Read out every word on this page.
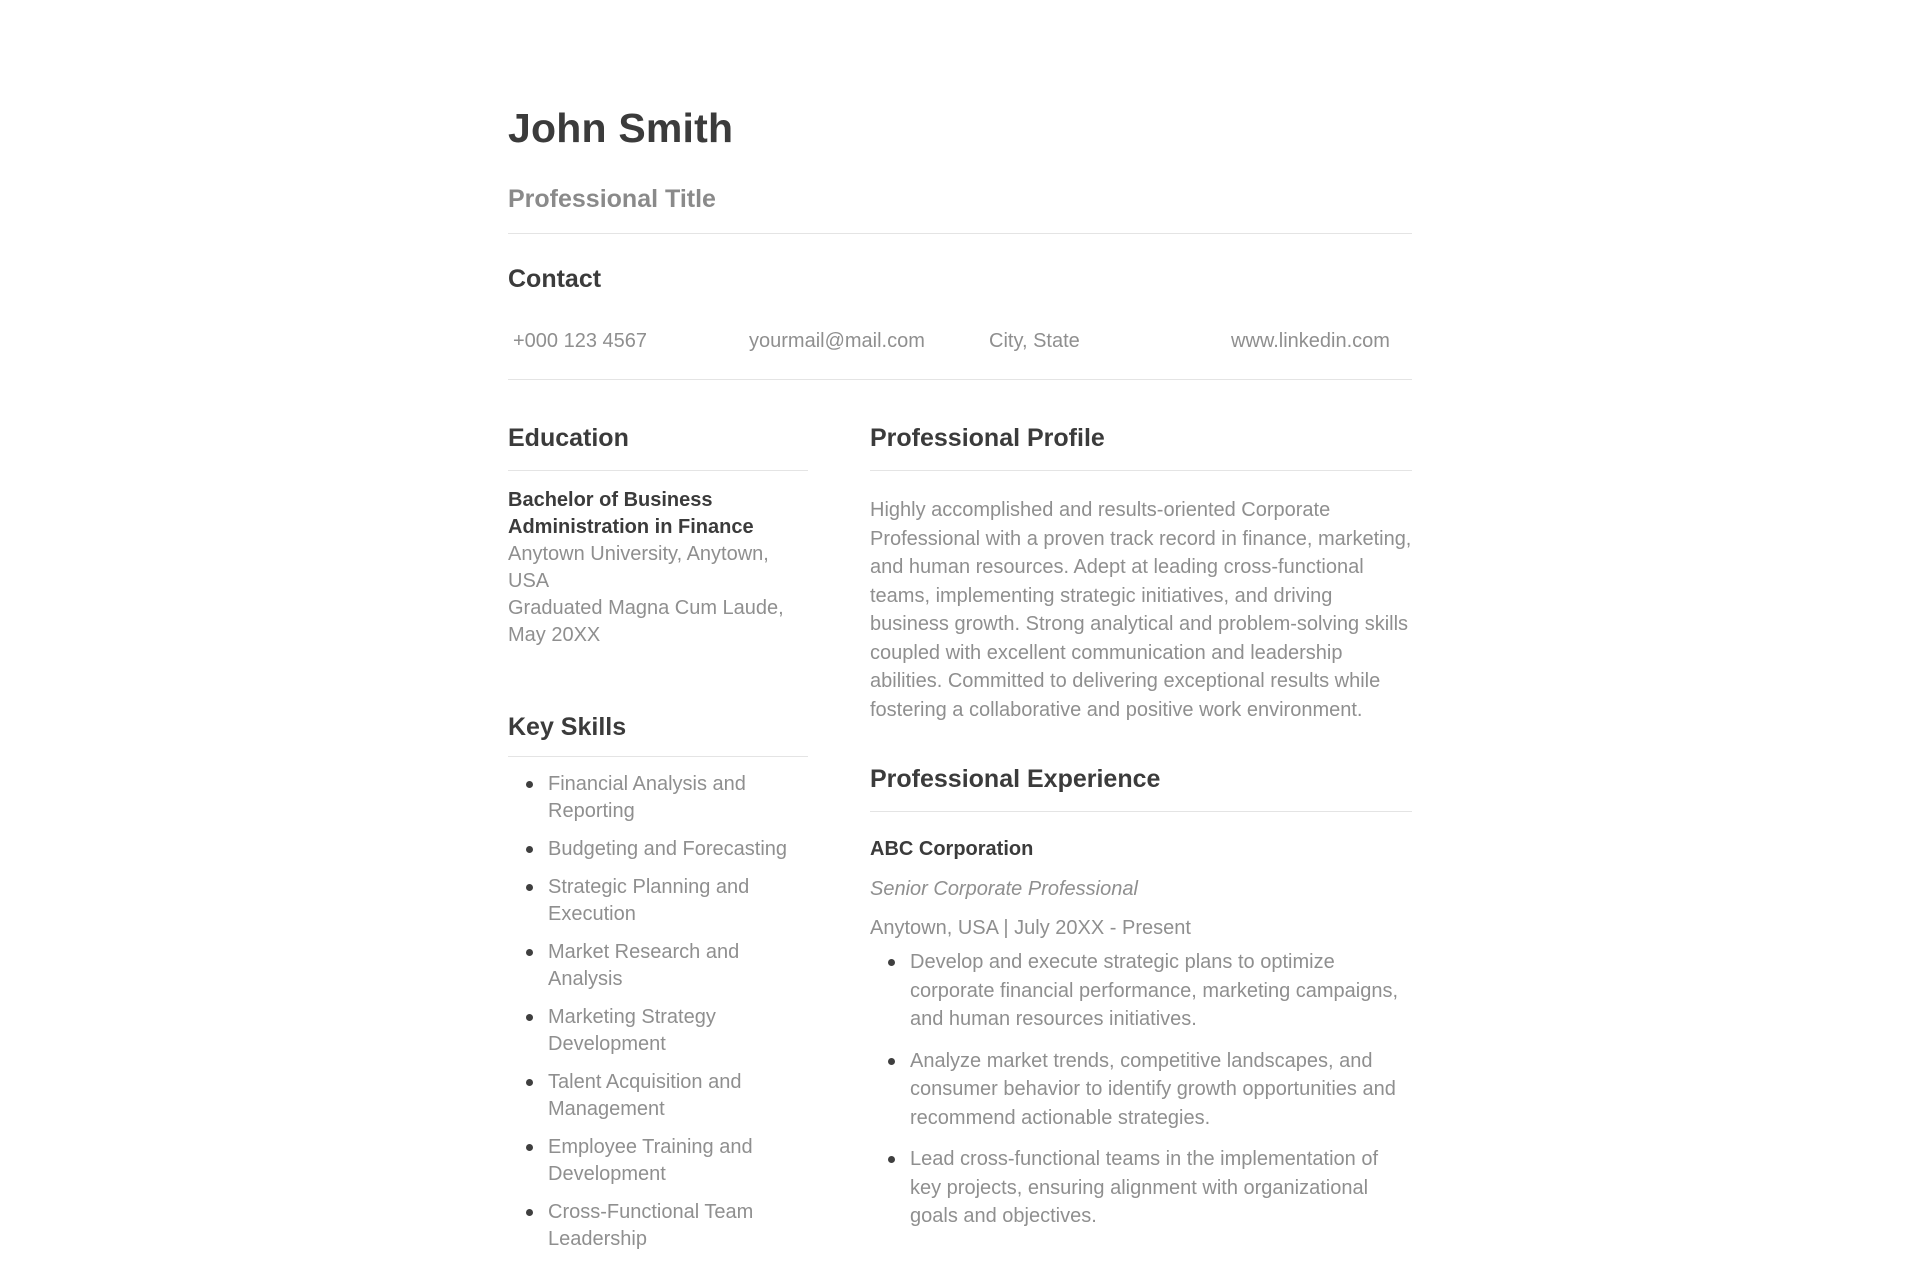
John Smith
Professional Title
Contact
+000 123 4567	yourmail@mail.com	City, State	www.linkedin.com
Education

Bachelor of Business Administration in Finance

Anytown University, Anytown, USA

Graduated Magna Cum Laude, May 20XX

Key Skills
Financial Analysis and Reporting
Budgeting and Forecasting
Strategic Planning and Execution
Market Research and Analysis
Marketing Strategy Development
Talent Acquisition and Management
Employee Training and Development
Cross-Functional Team Leadership
Professional Profile

Highly accomplished and results-oriented Corporate Professional with a proven track record in finance, marketing, and human resources. Adept at leading cross-functional teams, implementing strategic initiatives, and driving business growth. Strong analytical and problem-solving skills coupled with excellent communication and leadership abilities. Committed to delivering exceptional results while fostering a collaborative and positive work environment.

Professional Experience

ABC Corporation

Senior Corporate Professional

Anytown, USA | July 20XX - Present

Develop and execute strategic plans to optimize corporate financial performance, marketing campaigns, and human resources initiatives.
Analyze market trends, competitive landscapes, and consumer behavior to identify growth opportunities and recommend actionable strategies.
Lead cross-functional teams in the implementation of key projects, ensuring alignment with organizational goals and objectives.
